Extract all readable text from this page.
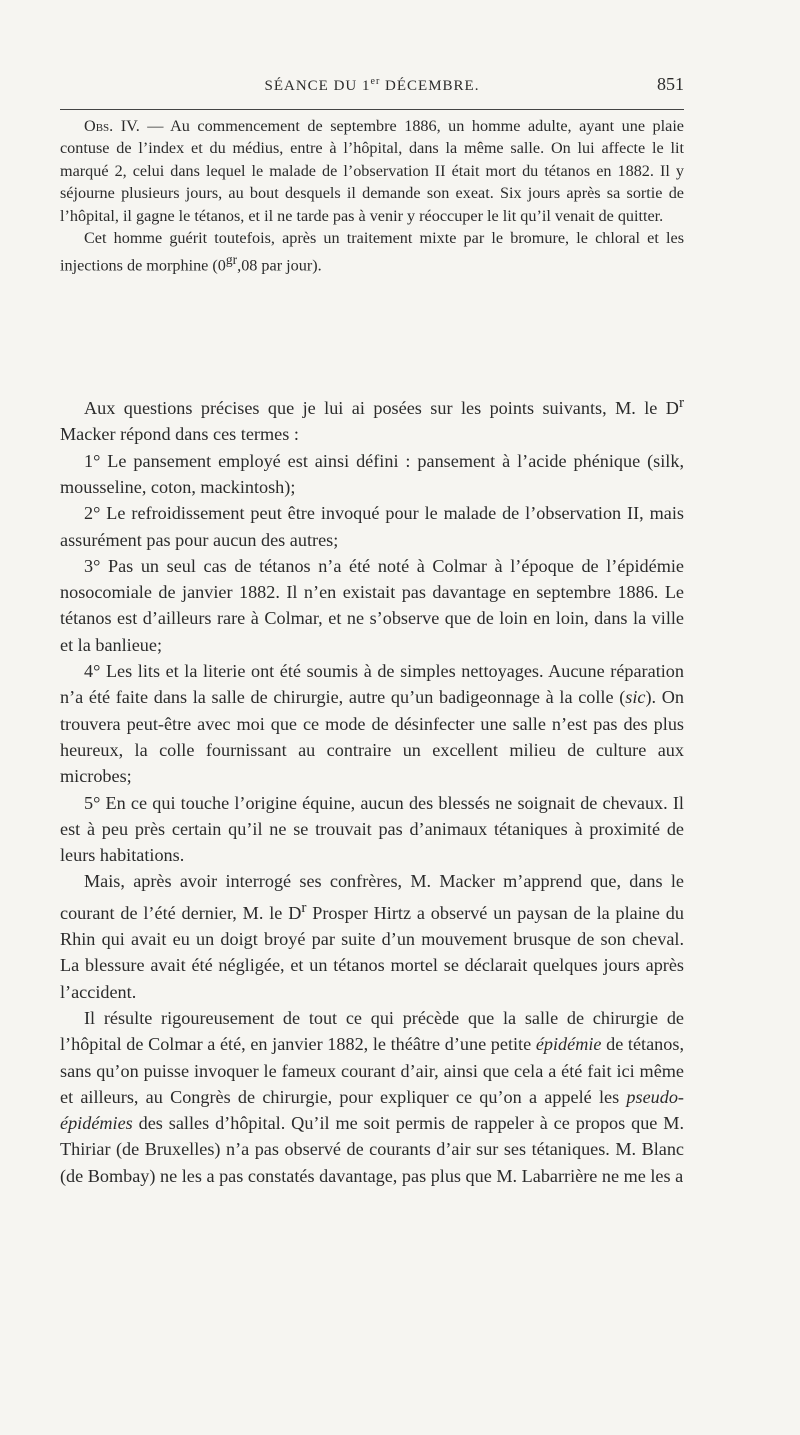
SÉANCE DU 1er DÉCEMBRE.	851

Obs. IV. — Au commencement de septembre 1886, un homme adulte, ayant une plaie contuse de l’index et du médius, entre à l’hôpital, dans la même salle. On lui affecte le lit marqué 2, celui dans lequel le malade de l’observation II était mort du tétanos en 1882. Il y séjourne plusieurs jours, au bout desquels il demande son exeat. Six jours après sa sortie de l’hôpital, il gagne le tétanos, et il ne tarde pas à venir y réoccuper le lit qu’il venait de quitter.

Cet homme guérit toutefois, après un traitement mixte par le bromure, le chloral et les injections de morphine ($0^{gr},08$ par jour).

Aux questions précises que je lui ai posées sur les points suivants, M. le $D^r$ Macker répond dans ces termes :

1° Le pansement employé est ainsi défini : pansement à l’acide phénique (silk, mousseline, coton, mackintosh);

2° Le refroidissement peut être invoqué pour le malade de l’observation II, mais assurément pas pour aucun des autres;

3° Pas un seul cas de tétanos n’a été noté à Colmar à l’époque de l’épidémie nosocomiale de janvier 1882. Il n’en existait pas davantage en septembre 1886. Le tétanos est d’ailleurs rare à Colmar, et ne s’observe que de loin en loin, dans la ville et la banlieue;

4° Les lits et la literie ont été soumis à de simples nettoyages. Aucune réparation n’a été faite dans la salle de chirurgie, autre qu’un badigeonnage à la colle (sic). On trouvera peut-être avec moi que ce mode de désinfecter une salle n’est pas des plus heureux, la colle fournissant au contraire un excellent milieu de culture aux microbes;

5° En ce qui touche l’origine équine, aucun des blessés ne soignait de chevaux. Il est à peu près certain qu’il ne se trouvait pas d’animaux tétaniques à proximité de leurs habitations.

Mais, après avoir interrogé ses confrères, M. Macker m’apprend que, dans le courant de l’été dernier, M. le $D^r$ Prosper Hirtz a observé un paysan de la plaine du Rhin qui avait eu un doigt broyé par suite d’un mouvement brusque de son cheval. La blessure avait été négligée, et un tétanos mortel se déclarait quelques jours après l’accident.

Il résulte rigoureusement de tout ce qui précède que la salle de chirurgie de l’hôpital de Colmar a été, en janvier 1882, le théâtre d’une petite épidémie de tétanos, sans qu’on puisse invoquer le fameux courant d’air, ainsi que cela a été fait ici même et ailleurs, au Congrès de chirurgie, pour expliquer ce qu’on a appelé les pseudo-épidémies des salles d’hôpital. Qu’il me soit permis de rappeler à ce propos que M. Thiriar (de Bruxelles) n’a pas observé de courants d’air sur ses tétaniques. M. Blanc (de Bombay) ne les a pas constatés davantage, pas plus que M. Labarrière ne me les a
